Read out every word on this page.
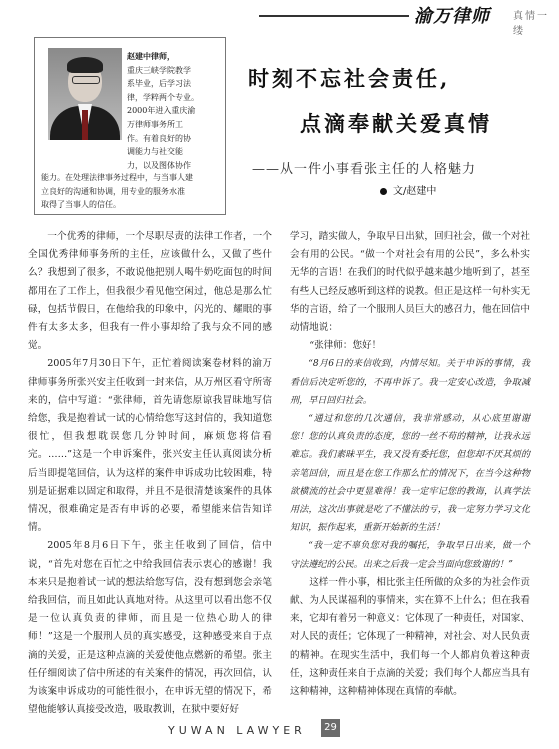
渝万律师 真情一缕
赵建中律师，
重庆三峡学院教学
系毕业，后学习法
律，学粹两个专业。
2000年进入重庆渝
万律师事务所工
作。有着良好的协
调能力与社交能
力，以及图体协作
能力。在处理法律事务过程中，与当事人建
立良好的沟通和协调，用专业的服务水准
取得了当事人的信任。
时刻不忘社会责任,
点滴奉献关爱真情
——从一件小事看张主任的人格魅力
文/赵建中

一个优秀的律师，一个尽职尽责的法律工作者，一个全国优秀律师事务所的主任，应该做什么，又做了些什么？我想到了很多，不敢说他把别人喝牛奶吃面包的时间都用在了工作上，但我很少看见他空闲过，他总是那么忙碌，包括节假日，在他给我的印象中，闪光的、耀眼的事件有太多太多，但我有一件小事却给了我与众不同的感觉。

2005年7月30日下午，正忙着阅读案卷材料的渝万律师事务所张兴安主任收到一封来信，从万州区看守所寄来的，信中写道：“张律师，首先请您原谅我冒昧地写信给您，我是抱着试一试的心情给您写这封信的，我知道您很忙，但我想耽误您几分钟时间，麻烦您将信看完。……”这是一个申诉案件，张兴安主任认真阅读分析后当即提笔回信，认为这样的案件申诉成功比较困难，特别是证据难以固定和取得，并且不是很清楚该案件的具体情况，很难确定是否有申诉的必要，希望能来信告知详情。

2005年8月6日下午，张主任收到了回信，信中说，“首先对您在百忙之中给我回信表示衷心的感谢！我本来只是抱着试一试的想法给您写信，没有想到您会亲笔给我回信，而且如此认真地对待。从这里可以看出您不仅是一位认真负责的律师，而且是一位热心助人的律师！”这是一个服刑人员的真实感受，这种感受来自于点滴的关爱，正是这种点滴的关爱使他点燃新的希望。张主任仔细阅读了信中所述的有关案件的情况，再次回信，认为该案申诉成功的可能性很小，在申诉无望的情况下，希望他能够认真接受改造，吸取教训，在狱中要好好

学习，踏实做人，争取早日出狱，回归社会，做一个对社会有用的公民。“做一个对社会有用的公民”，多么朴实无华的言语！在我们的时代似乎越来越少地听到了，甚至有些人已经反感听到这样的说教。但正是这样一句朴实无华的言语，给了一个服刑人员巨大的感召力，他在回信中动情地说：

“张律师：您好！

“8月6日的来信收到，内情尽知。关于申诉的事情，我看信后决定听您的，不再申诉了。我一定安心改造，争取减刑，早日回归社会。

“通过和您的几次通信，我非常感动，从心底里谢谢您！您的认真负责的态度，您的一丝不苟的精神，让我永远难忘。我们素昧平生，我又没有委托您，但您却不厌其烦的亲笔回信，而且是在您工作那么忙的情况下，在当今这种物欲横流的社会中更显难得！我一定牢记您的教诲，认真学法用法，这次出事就是吃了不懂法的亏，我一定努力学习文化知识，振作起来，重新开始新的生活！

“我一定不辜负您对我的嘱托，争取早日出来，做一个守法遵纪的公民。出来之后我一定会当面向您致谢的！”

这样一件小事，相比张主任所做的众多的为社会作贡献、为人民谋福利的事情来，实在算不上什么；但在我看来，它却有着另一种意义：它体现了一种责任，对国家、对人民的责任；它体现了一种精神，对社会、对人民负责的精神。在现实生活中，我们每一个人都肩负着这种责任，这种责任来自于点滴的关爱；我们每个人都应当具有这种精神，这种精神体现在真情的奉献。

YUWAN LAWYER	29
